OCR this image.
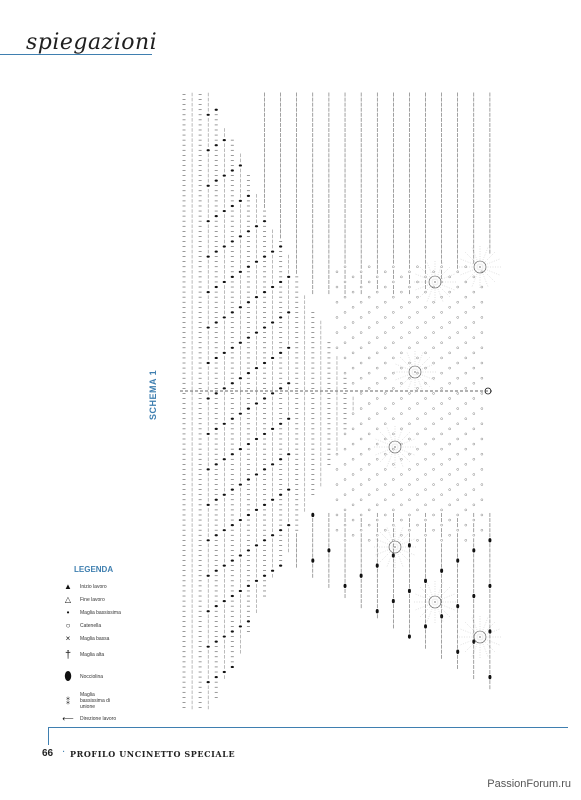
spiegazioni
SCHEMA 1
LEGENDA
▲	Inizio lavoro
△	Fine lavoro
•	Maglia bassissima
○	Catenella
×	Maglia bassa
†	Maglia alta
⬮	Nocciolina
⁑
Maglia bassissima di unione
⟵ Direzione lavoro
66 · PROFILO UNCINETTO SPECIALE
PassionForum.ru
